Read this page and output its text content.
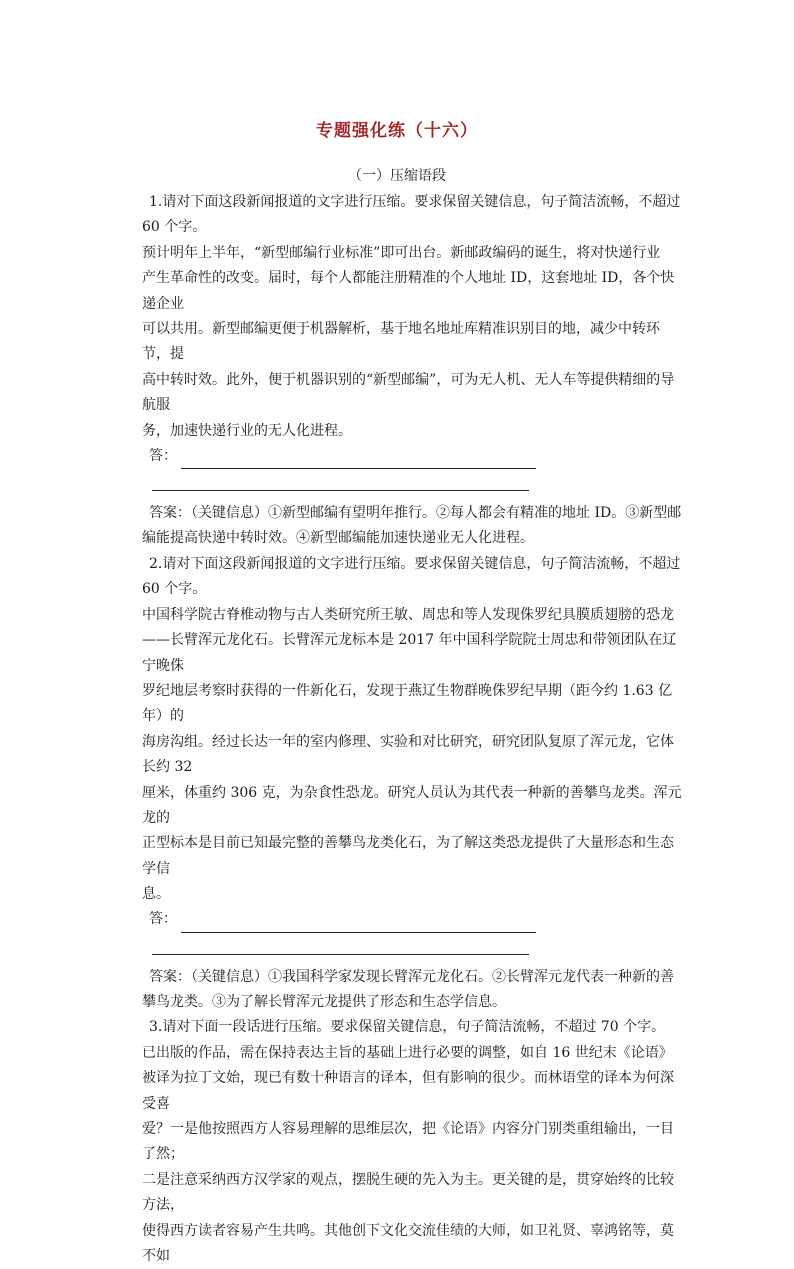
专题强化练（十六）
（一）压缩语段

1.请对下面这段新闻报道的文字进行压缩。要求保留关键信息，句子简洁流畅，不超过

60 个字。

预计明年上半年，“新型邮编行业标准”即可出台。新邮政编码的诞生，将对快递行业

产生革命性的改变。届时，每个人都能注册精准的个人地址 ID，这套地址 ID，各个快递企业

可以共用。新型邮编更便于机器解析，基于地名地址库精准识别目的地，减少中转环节，提

高中转时效。此外，便于机器识别的“新型邮编”，可为无人机、无人车等提供精细的导航服

务，加速快递行业的无人化进程。

答：

答案：（关键信息）①新型邮编有望明年推行。②每人都会有精准的地址 ID。③新型邮

编能提高快递中转时效。④新型邮编能加速快递业无人化进程。

2.请对下面这段新闻报道的文字进行压缩。要求保留关键信息，句子简洁流畅，不超过

60 个字。

中国科学院古脊椎动物与古人类研究所王敏、周忠和等人发现侏罗纪具膜质翅膀的恐龙

——长臂浑元龙化石。长臂浑元龙标本是 2017 年中国科学院院士周忠和带领团队在辽宁晚侏

罗纪地层考察时获得的一件新化石，发现于燕辽生物群晚侏罗纪早期（距今约 1.63 亿年）的

海房沟组。经过长达一年的室内修理、实验和对比研究，研究团队复原了浑元龙，它体长约 32

厘米，体重约 306 克，为杂食性恐龙。研究人员认为其代表一种新的善攀鸟龙类。浑元龙的

正型标本是目前已知最完整的善攀鸟龙类化石，为了解这类恐龙提供了大量形态和生态学信

息。

答：

答案：（关键信息）①我国科学家发现长臂浑元龙化石。②长臂浑元龙代表一种新的善

攀鸟龙类。③为了解长臂浑元龙提供了形态和生态学信息。

3.请对下面一段话进行压缩。要求保留关键信息，句子简洁流畅，不超过 70 个字。

已出版的作品，需在保持表达主旨的基础上进行必要的调整，如自 16 世纪末《论语》

被译为拉丁文始，现已有数十种语言的译本，但有影响的很少。而林语堂的译本为何深受喜

爱？一是他按照西方人容易理解的思维层次，把《论语》内容分门别类重组输出，一目了然；

二是注意采纳西方汉学家的观点，摆脱生硬的先入为主。更关键的是，贯穿始终的比较方法，

使得西方读者容易产生共鸣。其他创下文化交流佳绩的大师，如卫礼贤、辜鸿铭等，莫不如
